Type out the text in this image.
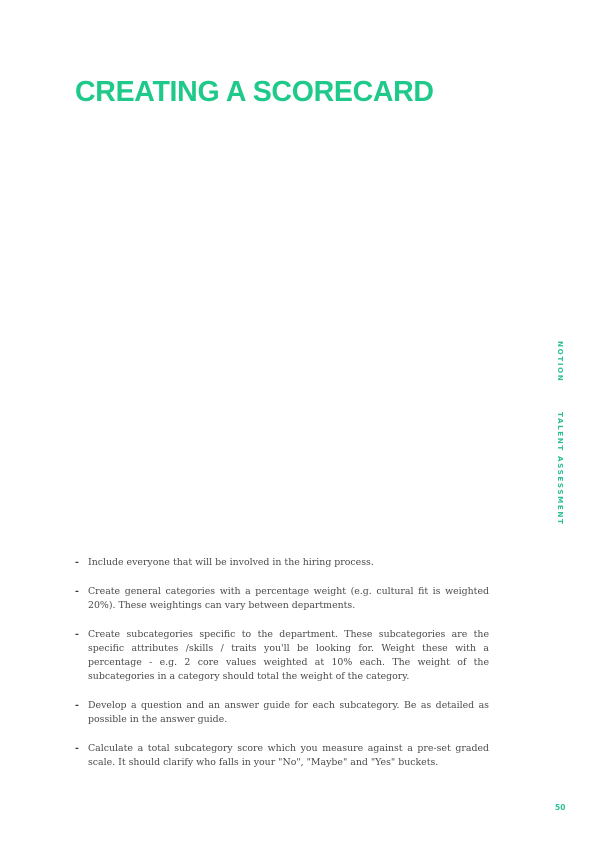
CREATING A SCORECARD
NOTION
TALENT ASSESSMENT
- Include everyone that will be involved in the hiring process.
- Create general categories with a percentage weight (e.g. cultural fit is weighted 20%). These weightings can vary between departments.
- Create subcategories specific to the department. These subcategories are the specific attributes /skills / traits you'll be looking for. Weight these with a percentage - e.g. 2 core values weighted at 10% each. The weight of the subcategories in a category should total the weight of the category.
- Develop a question and an answer guide for each subcategory. Be as detailed as possible in the answer guide.
- Calculate a total subcategory score which you measure against a pre-set graded scale. It should clarify who falls in your "No", "Maybe" and "Yes" buckets.
50
